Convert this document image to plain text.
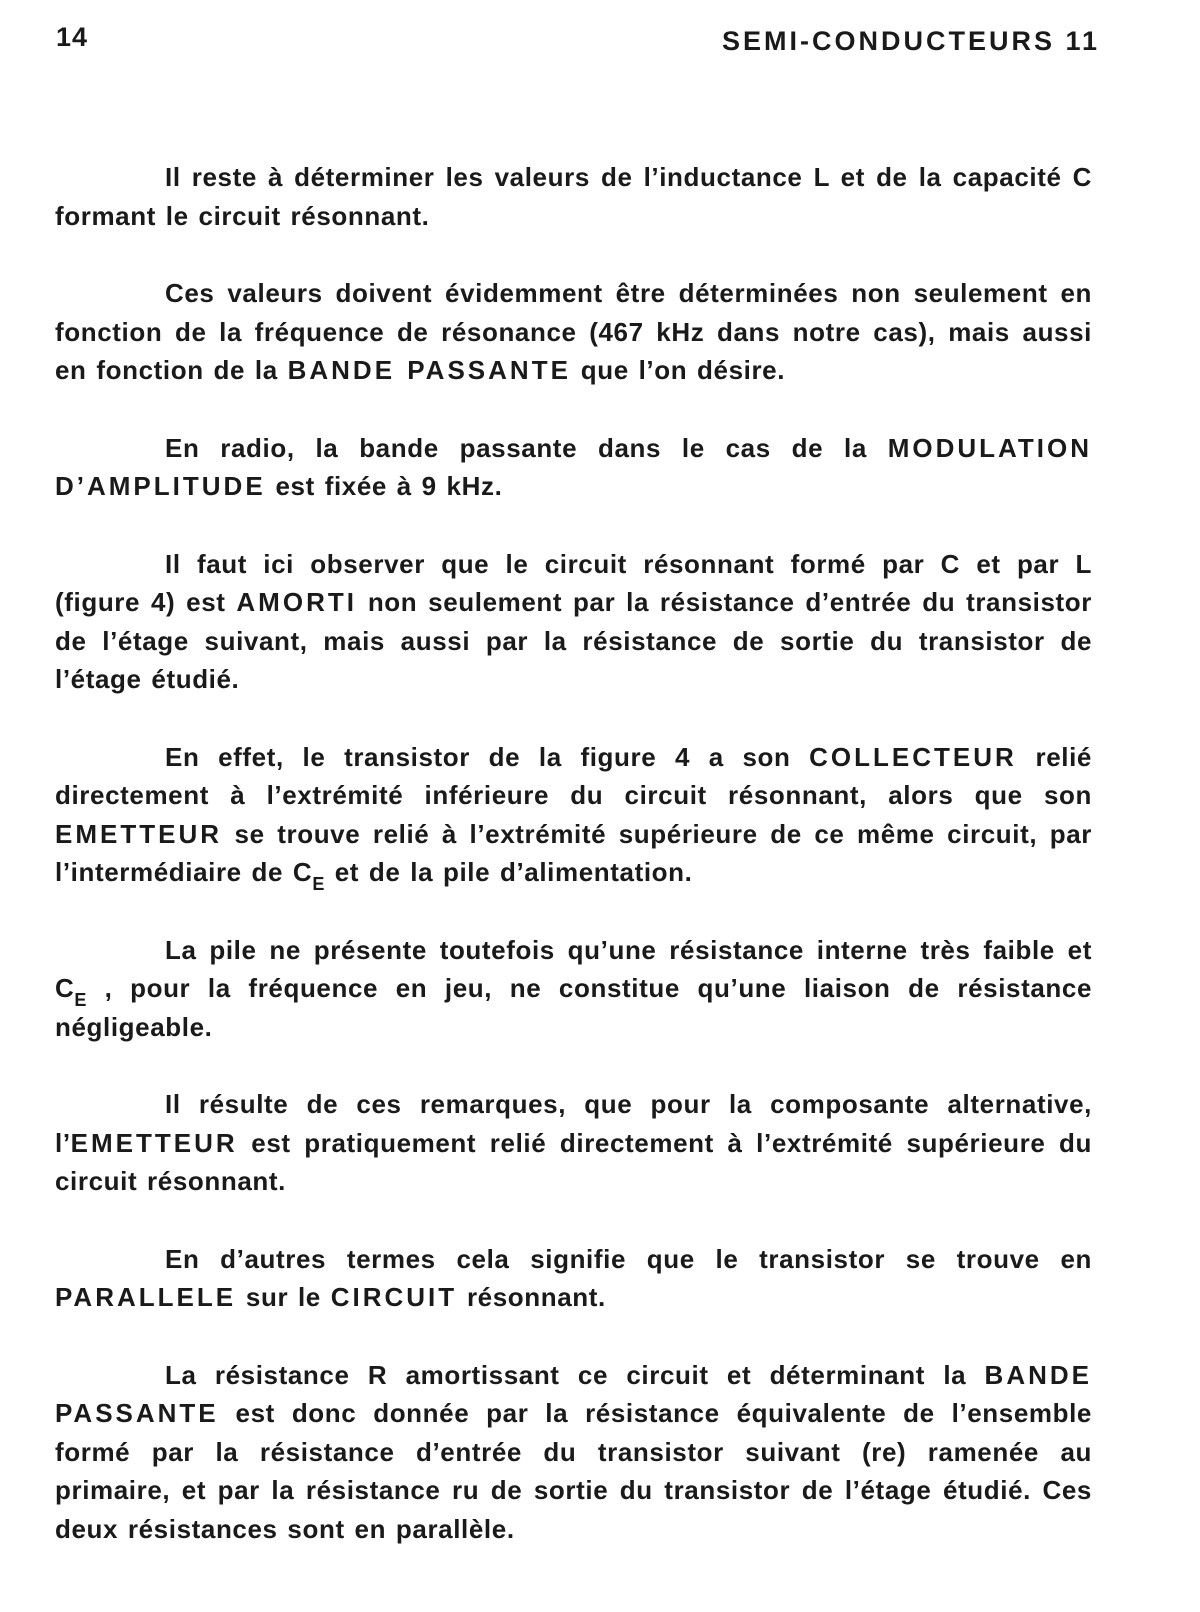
14	SEMI-CONDUCTEURS 11

Il reste à déterminer les valeurs de l’inductance L et de la capacité C formant le circuit résonnant.

Ces valeurs doivent évidemment être déterminées non seulement en fonction de la fréquence de résonance (467 kHz dans notre cas), mais aussi en fonction de la BANDE PASSANTE que l’on désire.

En radio, la bande passante dans le cas de la MODULATION D’AMPLITUDE est fixée à 9 kHz.

Il faut ici observer que le circuit résonnant formé par C et par L (figure 4) est AMORTI non seulement par la résistance d’entrée du transistor de l’étage suivant, mais aussi par la résistance de sortie du transistor de l’étage étudié.

En effet, le transistor de la figure 4 a son COLLECTEUR relié directement à l’extrémité inférieure du circuit résonnant, alors que son EMETTEUR se trouve relié à l’extrémité supérieure de ce même circuit, par l’intermédiaire de $C_E$ et de la pile d’alimentation.

La pile ne présente toutefois qu’une résistance interne très faible et $C_E$ , pour la fréquence en jeu, ne constitue qu’une liaison de résistance négligeable.

Il résulte de ces remarques, que pour la composante alternative, l’EMETTEUR est pratiquement relié directement à l’extrémité supérieure du circuit résonnant.

En d’autres termes cela signifie que le transistor se trouve en PARALLELE sur le CIRCUIT résonnant.

La résistance R amortissant ce circuit et déterminant la BANDE PASSANTE est donc donnée par la résistance équivalente de l’ensemble formé par la résistance d’entrée du transistor suivant (re) ramenée au primaire, et par la résistance ru de sortie du transistor de l’étage étudié. Ces deux résistances sont en parallèle.
